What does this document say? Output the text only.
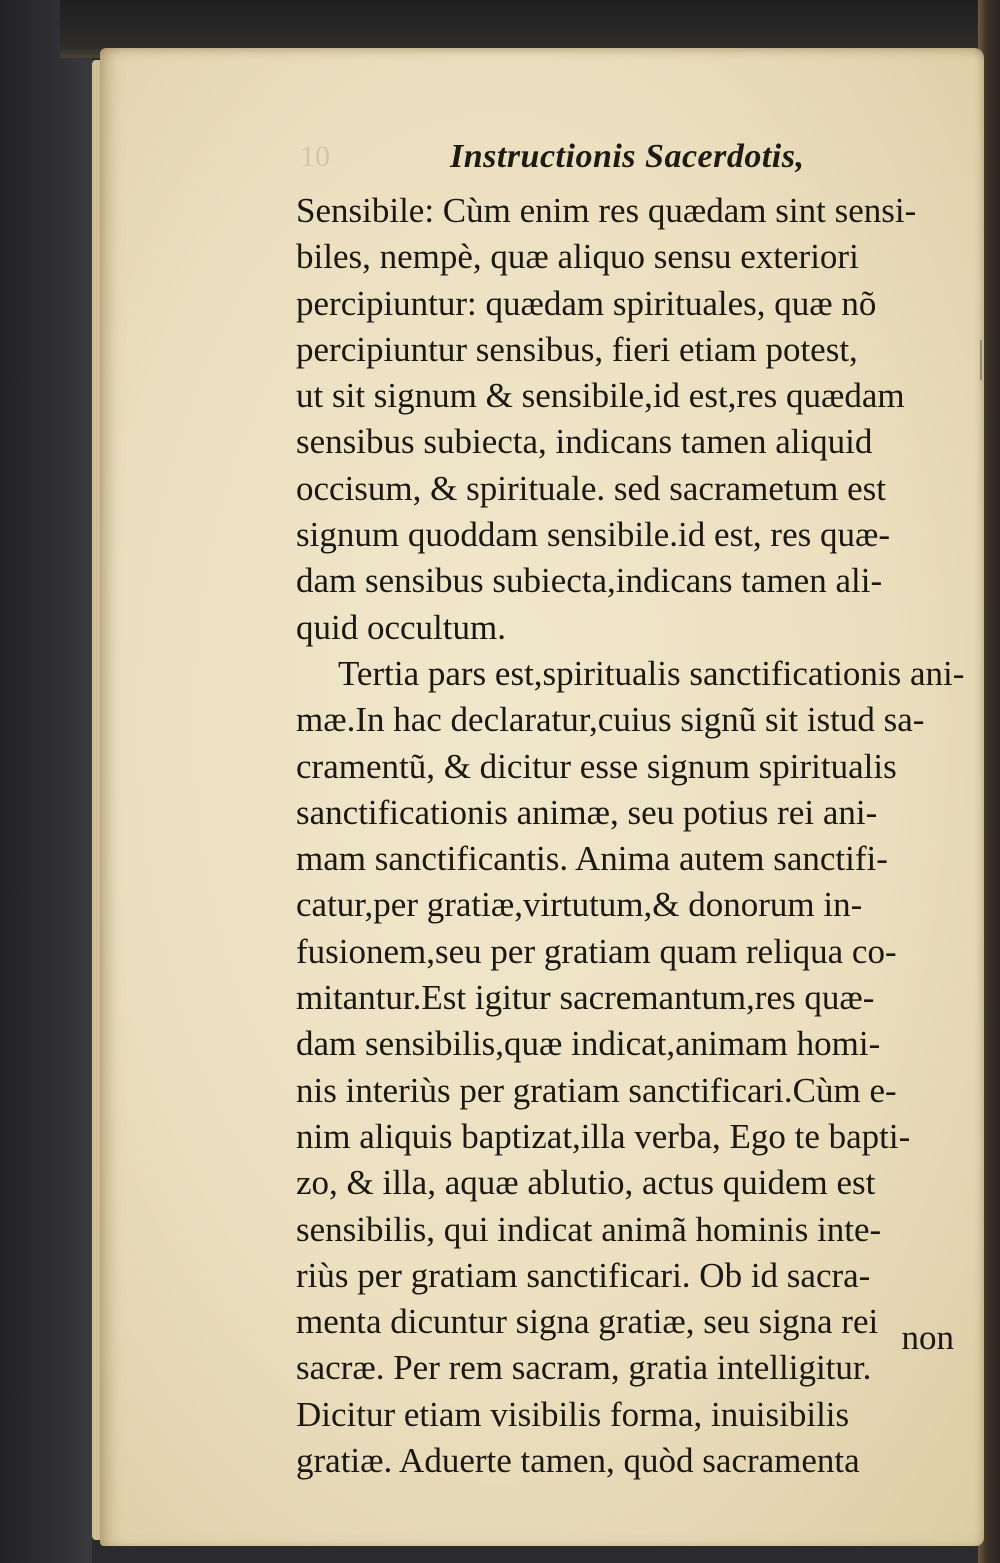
10	Instructionis Sacerdotis,
Sensibile: Cùm enim res quædam sint sensi-
biles, nempè, quæ aliquo sensu exteriori
percipiuntur: quædam spirituales, quæ nõ
percipiuntur sensibus, fieri etiam potest,
ut sit signum & sensibile,id est,res quædam
sensibus subiecta, indicans tamen aliquid
occisum, & spirituale. sed sacrametum est
signum quoddam sensibile.id est, res quæ-
dam sensibus subiecta,indicans tamen ali-
quid occultum.
Tertia pars est,spiritualis sanctificationis ani-
mæ.In hac declaratur,cuius signũ sit istud sa-
cramentũ, & dicitur esse signum spiritualis
sanctificationis animæ, seu potius rei ani-
mam sanctificantis. Anima autem sanctifi-
catur,per gratiæ,virtutum,& donorum in-
fusionem,seu per gratiam quam reliqua co-
mitantur.Est igitur sacremantum,res quæ-
dam sensibilis,quæ indicat,animam homi-
nis interiùs per gratiam sanctificari.Cùm e-
nim aliquis baptizat,illa verba, Ego te bapti-
zo, & illa, aquæ ablutio, actus quidem est
sensibilis, qui indicat animã hominis inte-
riùs per gratiam sanctificari. Ob id sacra-
menta dicuntur signa gratiæ, seu signa rei
sacræ. Per rem sacram, gratia intelligitur.
Dicitur etiam visibilis forma, inuisibilis
gratiæ. Aduerte tamen, quòd sacramenta
non
